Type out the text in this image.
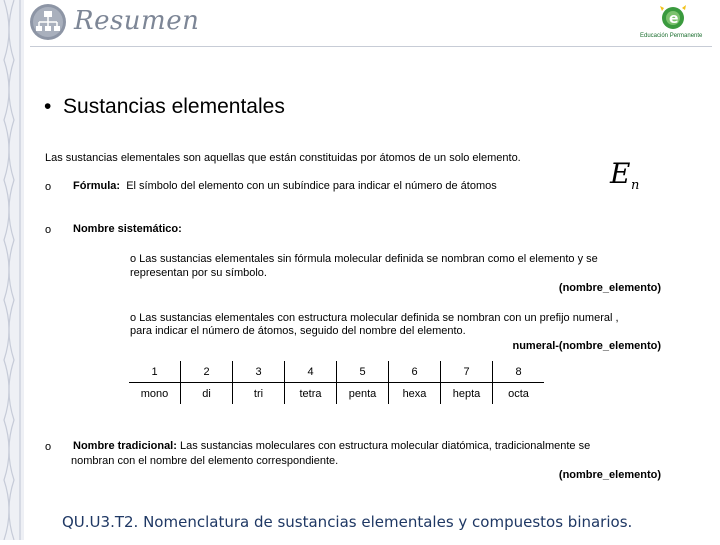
Resumen	e
Educación Permanente
•  Sustancias elementales
Las sustancias elementales son aquellas que están constituidas por átomos de un solo elemento.	E n
o Fórmula: El símbolo del elemento con un subíndice para indicar el número de átomos
o Nombre sistemático:
o Las sustancias elementales sin fórmula molecular definida se nombran como el elemento y se
representan por su símbolo.
(nombre_elemento)
o Las sustancias elementales con estructura molecular definida se nombran con un prefijo numeral ,
para indicar el número de átomos, seguido del nombre del elemento.
numeral-(nombre_elemento)
1	2	3	4	5	6	7	8
mono	di	tri	tetra	penta	hexa	hepta	octa
o Nombre tradicional: Las sustancias moleculares con estructura molecular diatómica, tradicionalmente se
nombran con el nombre del elemento correspondiente.
(nombre_elemento)
QU.U3.T2. Nomenclatura de sustancias elementales y compuestos binarios.
